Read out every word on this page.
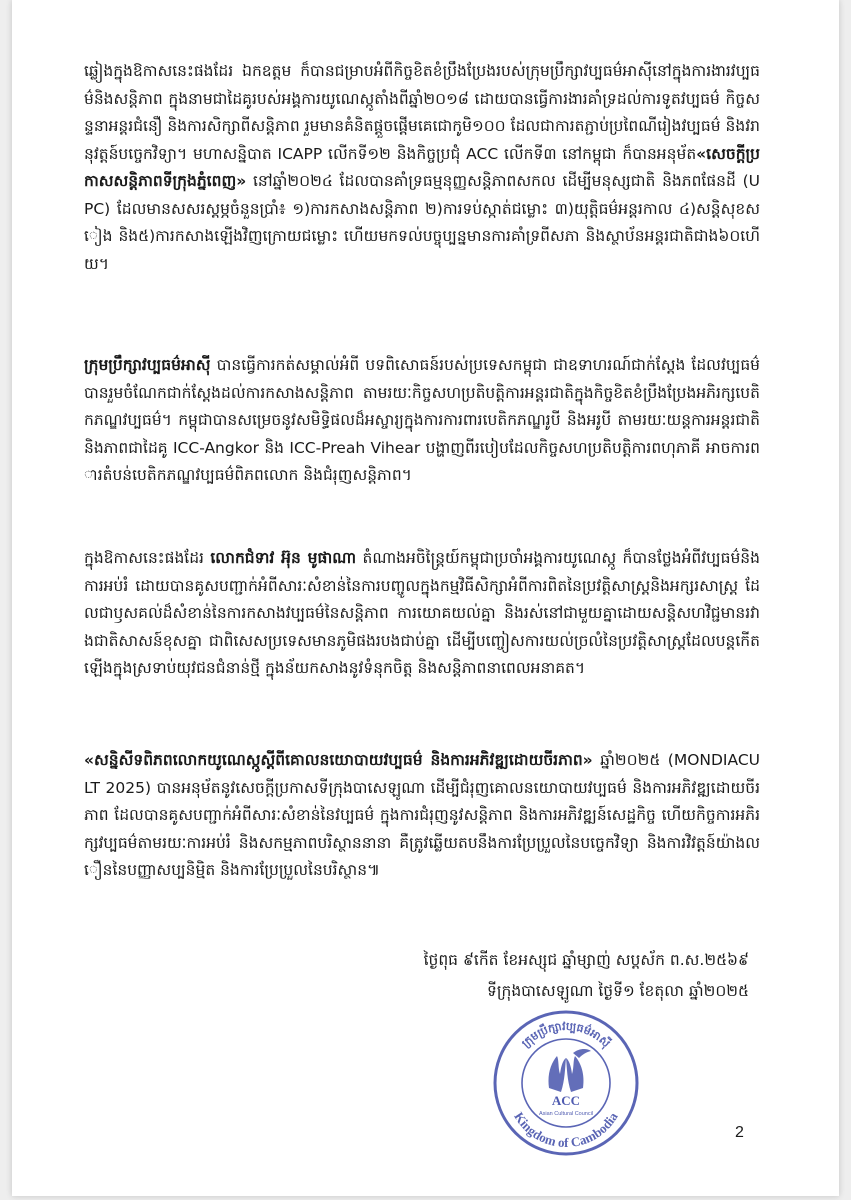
ឆ្លៀងក្នុងឱកាសនេះផងដែរ ឯកឧត្តម ក៏បានជម្រាបអំពីកិច្ចខិតខំប្រឹងប្រែងរបស់ក្រុមប្រឹក្សាវប្បធម៌អាស៊ីនៅក្នុងការងារវប្បធម៌និងសន្តិភាព ក្នុងនាមជាដៃគូរបស់អង្គការយូណេស្កូតាំងពីឆ្នាំ២០១៨ ដោយបានធ្វើការងារគាំទ្រដល់ការទូតវប្បធម៌ កិច្ចសន្ទនាអន្តរជំនឿ និងការសិក្សាពីសន្តិភាព រួមមានគំនិតផ្តួចផ្តើមគេជោកូមិ១០០ ដែលជាការតភ្ជាប់ប្រពៃណីរៀងវប្បធម៌ និងវរានុវត្តន៍បច្ចេកវិទ្យា។ មហាសន្និបាត ICAPP លើកទី១២ និងកិច្ចប្រជុំ ACC លើកទី៣ នៅកម្ពុជា ក៏បានអនុម័ត«សេចក្តីប្រកាសសន្តិភាពទីក្រុងភ្នំពេញ» នៅឆ្នាំ២០២៤ ដែលបានគាំទ្រធម្មនុញ្ញសន្តិភាពសកល ដើម្បីមនុស្សជាតិ និងភពផែនដី (UPC) ដែលមានសសរស្តម្ភចំនួនប្រាំ៖ ១)ការកសាងសន្តិភាព ២)ការទប់ស្កាត់ជម្លោះ ៣)យុត្តិធម៌អន្តរកាល ៤)សន្តិសុខសៀង និង៥)ការកសាងឡើងវិញក្រោយជម្លោះ ហើយមកទល់បច្ចុប្បន្នមានការគាំទ្រពីសភា និងស្ថាប័នអន្តរជាតិជាង៦០ហើយ។

ក្រុមប្រឹក្សាវប្បធម៌អាស៊ី បានធ្វើការកត់សម្គាល់អំពី បទពិសោធន៍របស់ប្រទេសកម្ពុជា ជាឧទាហរណ៍ជាក់ស្តែង ដែលវប្បធម៌បានរួមចំណែកជាក់ស្តែងដល់ការកសាងសន្តិភាព តាមរយៈកិច្ចសហប្រតិបត្តិការអន្តរជាតិក្នុងកិច្ចខិតខំប្រឹងប្រែងអភិរក្សបេតិកភណ្ឌវប្បធម៌។ កម្ពុជាបានសម្រេចនូវសមិទ្ធិផលដ៏អស្ចារ្យក្នុងការការពារបេតិកភណ្ឌរូបី និងអរូបី តាមរយៈយន្តការអន្តរជាតិ និងភាពជាដៃគូ ICC-Angkor និង ICC-Preah Vihear បង្ហាញពីរបៀបដែលកិច្ចសហប្រតិបត្តិការពហុភាគី អាចការពារតំបន់បេតិកភណ្ឌវប្បធម៌ពិភពលោក និងជំរុញសន្តិភាព។

ក្នុងឱកាសនេះផងដែរ លោកជំទាវ អ៊ុន មូផាណា តំណាងអចិន្ត្រៃយ៍កម្ពុជាប្រចាំអង្គការយូណេស្កូ ក៏បានថ្លែងអំពីវប្បធម៌និងការអប់រំ ដោយបានគូសបញ្ជាក់អំពីសារៈសំខាន់នៃការបញ្ចូលក្នុងកម្មវិធីសិក្សាអំពីការពិតនៃប្រវត្តិសាស្ត្រនិងអក្សរសាស្ត្រ ដែលជាឫសគល់ដ៏សំខាន់នៃការកសាងវប្បធម៌នៃសន្តិភាព ការយោគយល់គ្នា និងរស់នៅជាមួយគ្នាដោយសន្តិសហវិជ្ជមានរវាងជាតិសាសន៍ខុសគ្នា ជាពិសេសប្រទេសមានភូមិផងរបងជាប់គ្នា ដើម្បីបញ្ចៀសការយល់ច្រលំនៃប្រវត្តិសាស្ត្រដែលបន្តកើតឡើងក្នុងស្រទាប់យុវជនជំនាន់ថ្មី ក្នុងន័យកសាងនូវទំនុកចិត្ត និងសន្តិភាពនាពេលអនាគត។

«សន្និសីទពិភពលោកយូណេស្កូស្តីពីគោលនយោបាយវប្បធម៌ និងការអភិវឌ្ឍដោយចីរភាព» ឆ្នាំ២០២៥ (MONDIACULT 2025) បានអនុម័តនូវសេចក្តីប្រកាសទីក្រុងបាសេឡូណា ដើម្បីជំរុញគោលនយោបាយវប្បធម៌ និងការអភិវឌ្ឍដោយចីរភាព ដែលបានគូសបញ្ជាក់អំពីសារៈសំខាន់នៃវប្បធម៌ ក្នុងការជំរុញនូវសន្តិភាព និងការអភិវឌ្ឍន៍សេដ្ឋកិច្ច ហើយកិច្ចការអភិរក្សវប្បធម៌តាមរយៈការអប់រំ និងសកម្មភាពបរិស្ថាននានា គឺត្រូវឆ្លើយតបនឹងការប្រែប្រួលនៃបច្ចេកវិទ្យា និងការវិវត្តន៍យ៉ាងលឿននៃបញ្ញាសប្បនិម្មិត និងការប្រែប្រួលនៃបរិស្ថាន៕

ថ្ងៃពុធ ៩កើត ខែអស្សុជ ឆ្នាំម្សាញ់ សប្តស័ក ព.ស.២៥៦៩
ទីក្រុងបាសេឡូណា ថ្ងៃទី១ ខែតុលា ឆ្នាំ២០២៥
ក្រុមប្រឹក្សាវប្បធម៌អាស៊ី
Kingdom of Cambodia
ACC
Asian Cultural Council
2
